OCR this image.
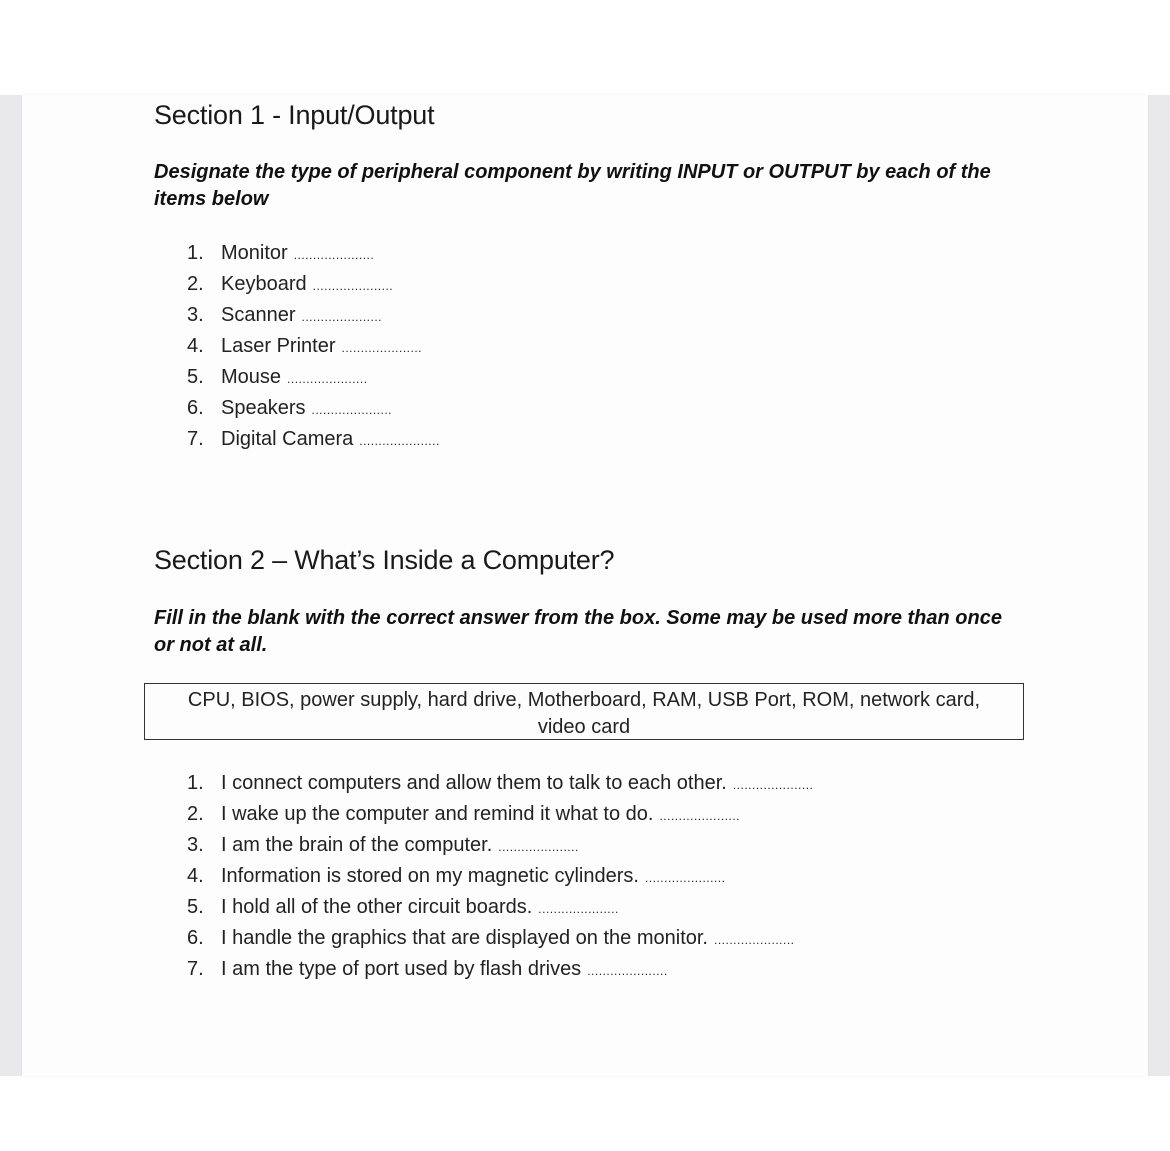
Section 1 - Input/Output

Designate the type of peripheral component by writing INPUT or OUTPUT by each of the items below

1. Monitor .....................
2. Keyboard .....................
3. Scanner .....................
4. Laser Printer .....................
5. Mouse .....................
6. Speakers .....................
7. Digital Camera .....................
Section 2 – What’s Inside a Computer?

Fill in the blank with the correct answer from the box. Some may be used more than once or not at all.

CPU, BIOS, power supply, hard drive, Motherboard, RAM, USB Port, ROM, network card, video card
1. I connect computers and allow them to talk to each other. .....................
2. I wake up the computer and remind it what to do. .....................
3. I am the brain of the computer. .....................
4. Information is stored on my magnetic cylinders. .....................
5. I hold all of the other circuit boards. .....................
6. I handle the graphics that are displayed on the monitor. .....................
7. I am the type of port used by flash drives .....................
